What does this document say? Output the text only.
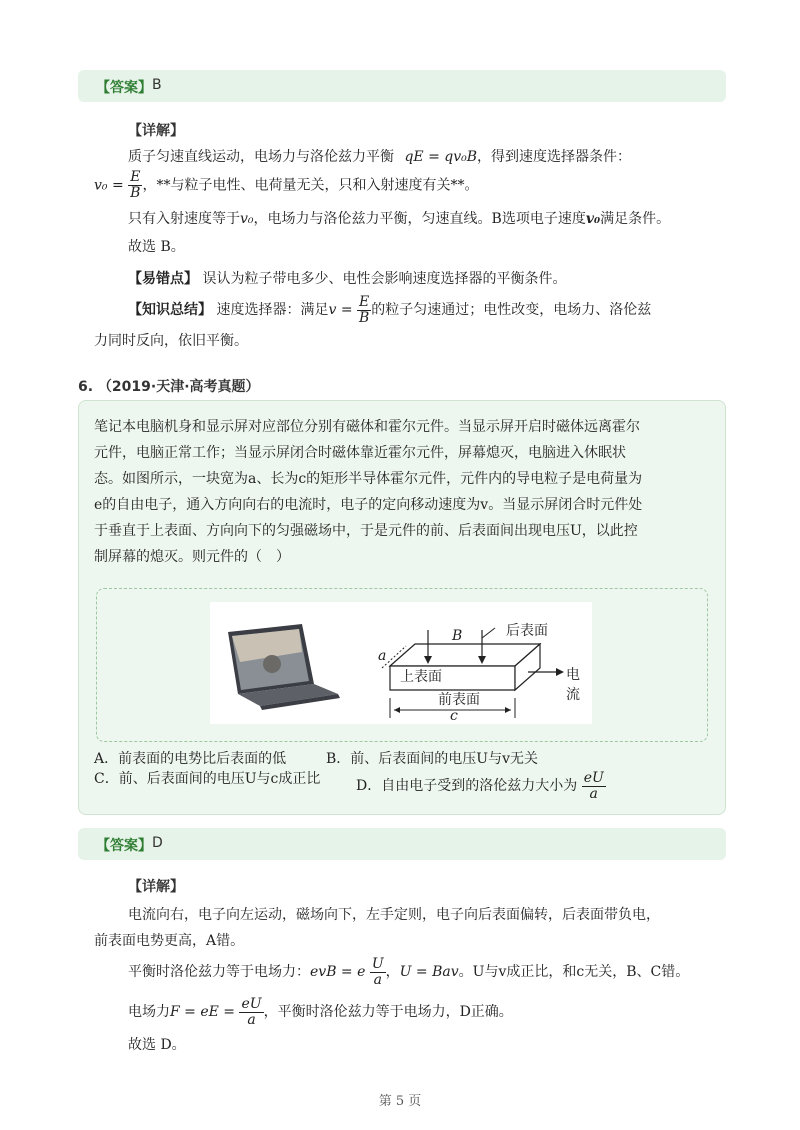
【答案】 B
【详解】
质子匀速直线运动，电场力与洛伦兹力平衡 qE = qv₀B，得到速度选择器条件：
$v_0 = \frac{E}{B}$ ，**与粒子电性、电荷量无关，只和入射速度有关**。
只有入射速度等于v₀，电场力与洛伦兹力平衡，匀速直线。B选项电子速度v₀满足条件。
故选 B。
【易错点】 误认为粒子带电多少、电性会影响速度选择器的平衡条件。
【知识总结】 速度选择器：满足$v = \frac{E}{B}$ 的粒子匀速通过；电性改变，电场力、洛伦兹
力同时反向，依旧平衡。
6. （2019·天津·高考真题）
笔记本电脑机身和显示屏对应部位分别有磁体和霍尔元件。当显示屏开启时磁体远离霍尔
元件，电脑正常工作；当显示屏闭合时磁体靠近霍尔元件，屏幕熄灭，电脑进入休眠状
态。如图所示，一块宽为a、长为c的矩形半导体霍尔元件，元件内的导电粒子是电荷量为
e的自由电子，通入方向向右的电流时，电子的定向移动速度为v。当显示屏闭合时元件处
于垂直于上表面、方向向下的匀强磁场中，于是元件的前、后表面间出现电压U，以此控
制屏幕的熄灭。则元件的（　）
B	后表面
上表面
前表面
电流
a
c
A．前表面的电势比后表面的低	B．前、后表面间的电压U与v无关
C．前、后表面间的电压U与c成正比	D．自由电子受到的洛伦兹力大小为 $\frac{eU}{a}$
【答案】 D
【详解】
电流向右，电子向左运动，磁场向下，左手定则，电子向后表面偏转，后表面带负电，
前表面电势更高，A错。
平衡时洛伦兹力等于电场力：evB = e $\frac{U}{a}$ ，U = Bav。U与v成正比，和c无关，B、C错。
电场力F = eE = $\frac{eU}{a}$ ，平衡时洛伦兹力等于电场力，D正确。
故选 D。
第 5 页
